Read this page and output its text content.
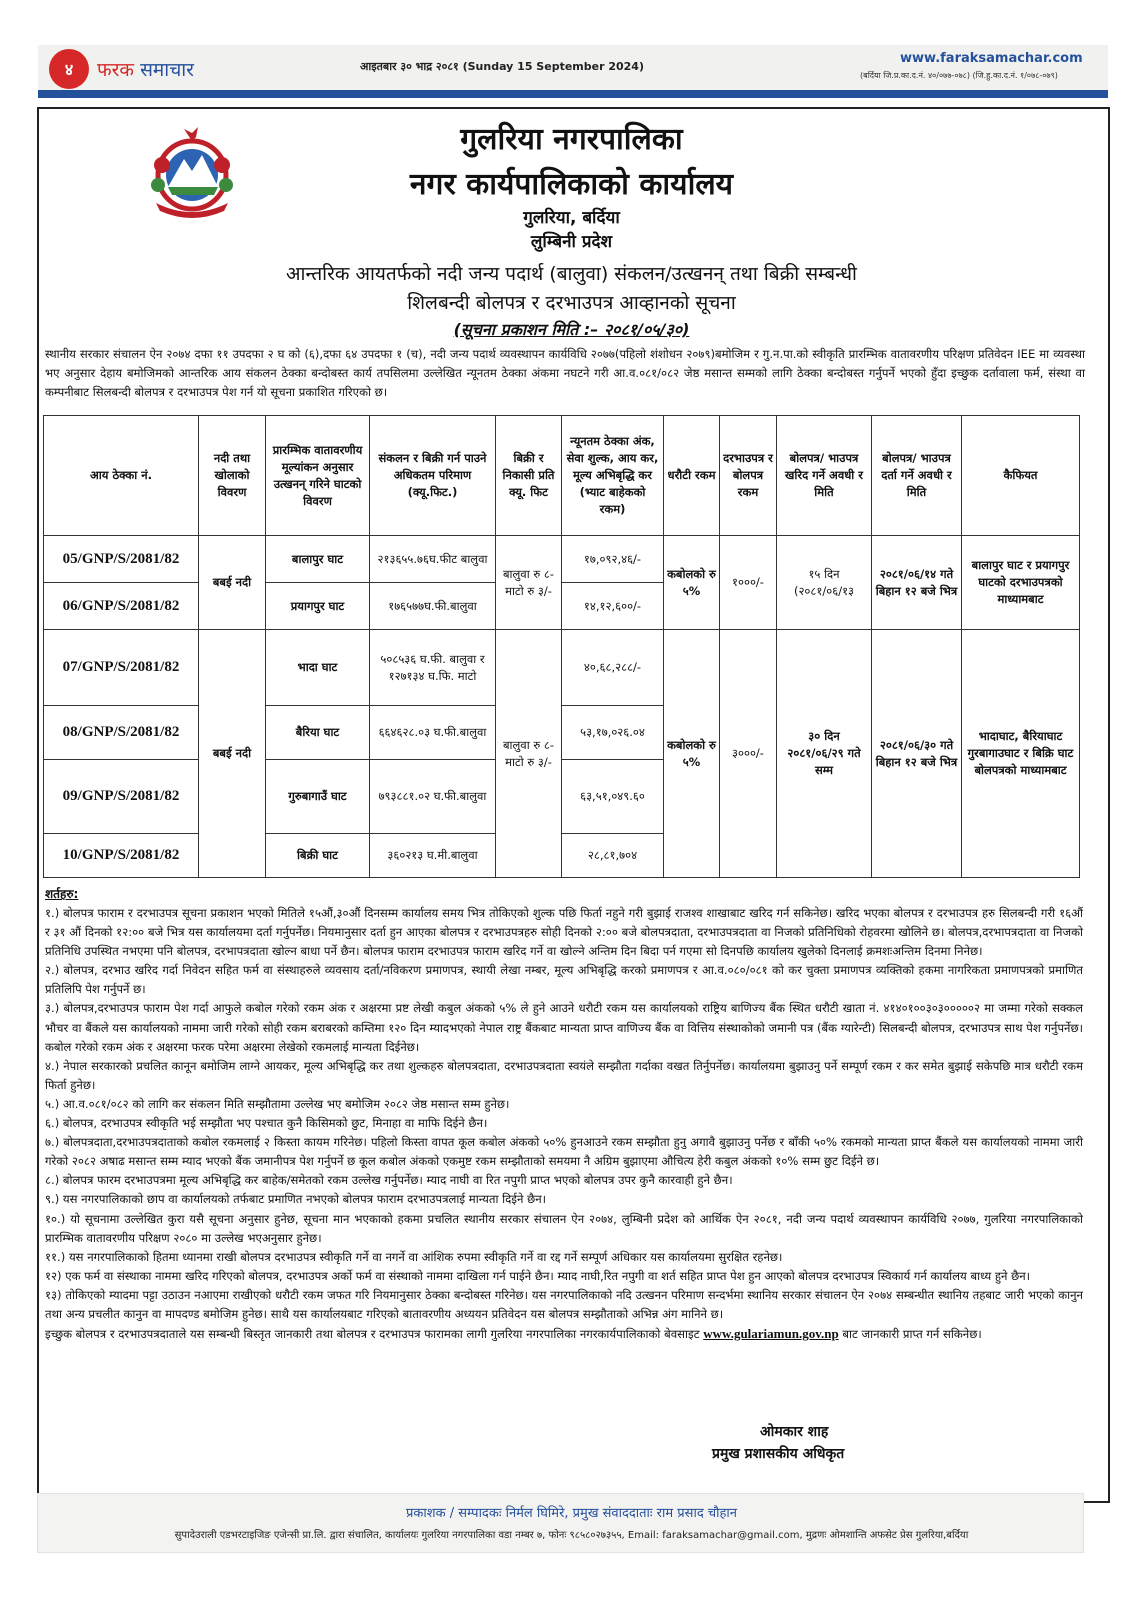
४	फरक समाचार	आइतबार ३० भाद्र २०८१ (Sunday 15 September 2024)
www.faraksamachar.com
(बर्दिया जि.प्र.का.द.नं. ४०/०७७-०७८) (जि.हु.का.द.नं. १/०७८-०७९)
गुलरिया नगरपालिका
नगर कार्यपालिकाको कार्यालय
गुलरिया, बर्दिया
लुम्बिनी प्रदेश
आन्तरिक आयतर्फको नदी जन्य पदार्थ (बालुवा) संकलन/उत्खनन् तथा बिक्री सम्बन्धी
शिलबन्दी बोलपत्र र दरभाउपत्र आव्हानको सूचना
(सूचना प्रकाशन मिति :– २०८१/०५/३०)
स्थानीय सरकार संचालन ऐन २०७४ दफा ११ उपदफा २ घ को (६),दफा ६४ उपदफा १ (च), नदी जन्य पदार्थ व्यवस्थापन कार्यविधि २०७७(पहिलो शंशोधन २०७९)बमोजिम र गु.न.पा.को स्वीकृति प्रारम्भिक वातावरणीय परिक्षण प्रतिवेदन IEE मा व्यवस्था भए अनुसार देहाय बमोजिमको आन्तरिक आय संकलन ठेक्का बन्दोबस्त कार्य तपसिलमा उल्लेखित न्यूनतम ठेक्का अंकमा नघटने गरी आ.व.०८१/०८२ जेष्ठ मसान्त सम्मको लागि ठेक्का बन्दोबस्त गर्नुपर्ने भएकोे हुँदा इच्छुक दर्तावाला फर्म, संस्था वा कम्पनीबाट सिलबन्दी बोलपत्र र दरभाउपत्र पेश गर्न यो सूचना प्रकाशित गरिएको छ।
आय ठेक्का नं.	नदी तथा खोलाको विवरण	प्रारम्भिक वातावरणीय मूल्यांकन अनुसार उत्खनन् गरिने घाटको विवरण	संकलन र बिक्री गर्न पाउने अधिकतम परिमाण (क्यू.फिट.)	बिक्री र निकासी प्रति क्यू. फिट	न्यूनतम ठेक्का अंक, सेवा शुल्क, आय कर, मूल्य अभिबृद्धि कर (भ्याट बाहेकको रकम)	धरौटी रकम	दरभाउपत्र र बोलपत्र रकम	बोलपत्र/ भाउपत्र खरिद गर्ने अवधी र मिति	बोलपत्र/ भाउपत्र दर्ता गर्ने अवधी र मिति	कैफियत
05/GNP/S/2081/82	बबई नदी	बालापुर घाट	२१३६५५.७६घ.फीट बालुवा	बालुवा रु ८- माटो रु ३/-	१७,०९२,४६/-	कबोलको रु ५%	१०००/-	१५ दिन (२०८१/०६/१३	२०८१/०६/१४ गते बिहान १२ बजे भित्र	बालापुर घाट र प्रयागपुर घाटको दरभाउपत्रको माध्यामबाट
06/GNP/S/2081/82		प्रयागपुर घाट	१७६५७७घ.फी.बालुवा		१४,१२,६००/-					
07/GNP/S/2081/82	बबई नदी	भादा घाट	५०८५३६ घ.फी. बालुवा र १२७१३४ घ.फि. माटो	बालुवा रु ८- माटो रु ३/-	४०,६८,२८८/-	कबोलको रु ५%	३०००/-	३० दिन २०८१/०६/२९ गते सम्म	२०८१/०६/३० गते बिहान १२ बजे भित्र	भादाघाट, बैरियाघाट गुरबागाउघाट र बिक्रि घाट बोलपत्रको माध्यामबाट
08/GNP/S/2081/82		बैरिया घाट	६६४६२८.०३ घ.फी.बालुवा		५३,१७,०२६.०४					
09/GNP/S/2081/82		गुरुबागाउँ घाट	७९३८८१.०२ घ.फी.बालुवा		६३,५१,०४९.६०					
10/GNP/S/2081/82		बिक्री घाट	३६०२१३ घ.मी.बालुवा		२८,८१,७०४					
शर्तहरु:

१.) बोलपत्र फाराम र दरभाउपत्र सूचना प्रकाशन भएको मितिले १५औं,३०औं दिनसम्म कार्यालय समय भित्र तोकिएको शुल्क पछि फिर्ता नहुने गरी बुझाई राजश्व शाखाबाट खरिद गर्न सकिनेछ। खरिद भएका बोलपत्र र दरभाउपत्र हरु सिलबन्दी गरी १६औं र ३१ औं दिनको १२:०० बजे भित्र यस कार्यालयमा दर्ता गर्नुपर्नेछ। नियमानुसार दर्ता हुन आएका बोलपत्र र दरभाउपत्रहरु सोही दिनको २:०० बजे बोलपत्रदाता, दरभाउपत्रदाता वा निजको प्रतिनिधिको रोहवरमा खोलिने छ। बोलपत्र,दरभापत्रदाता वा निजको प्रतिनिधि उपस्थित नभएमा पनि बोलपत्र, दरभापत्रदाता खोल्न बाधा पर्ने छैन। बोलपत्र फाराम दरभाउपत्र फाराम खरिद गर्ने वा खोल्ने अन्तिम दिन बिदा पर्न गएमा सो दिनपछि कार्यालय खुलेको दिनलाई क्रमशःअन्तिम दिनमा निनेछ।

२.) बोलपत्र, दरभाउ खरिद गर्दा निवेदन सहित फर्म वा संस्थाहरुले व्यवसाय दर्ता/नविकरण प्रमाणपत्र, स्थायी लेखा नम्बर, मूल्य अभिबृद्धि करको प्रमाणपत्र र आ.व.०८०/०८१ को कर चुक्ता प्रमाणपत्र व्यक्तिको हकमा नागरिकता प्रमाणपत्रको प्रमाणित प्रतिलिपि पेश गर्नुपर्ने छ।

३.) बोलपत्र,दरभाउपत्र फाराम पेश गर्दा आफुले कबोल गरेको रकम अंक र अक्षरमा प्रष्ट लेखी कबुल अंकको ५% ले हुने आउने धरौटी रकम यस कार्यालयको राष्ट्रिय बाणिज्य बैंक स्थित धरौटी खाता नं. ४१४०१००३०३०००००२ मा जम्मा गरेको सक्कल भौचर वा बैंकले यस कार्यालयको नाममा जारी गरेको सोही रकम बराबरको कम्तिमा १२० दिन म्यादभएको नेपाल राष्ट्र बैंकबाट मान्यता प्राप्त वाणिज्य बैंक वा वित्तिय संस्थाकोको जमानी पत्र (बैंक ग्यारेन्टी) सिलबन्दी बोलपत्र, दरभाउपत्र साथ पेश गर्नुपर्नेछ। कबोल गरेको रकम अंक र अक्षरमा फरक परेमा अक्षरमा लेखेको रकमलाई मान्यता दिईनेछ।

४.) नेपाल सरकारको प्रचलित कानून बमोजिम लाग्ने आयकर, मूल्य अभिबृद्धि कर तथा शुल्कहरु बोलपत्रदाता, दरभाउपत्रदाता स्वयंले सम्झौता गर्दाका वखत तिर्नुपर्नेछ। कार्यालयमा बुझाउनु पर्ने सम्पूर्ण रकम र कर समेत बुझाई सकेपछि मात्र धरौटी रकम फिर्ता हुनेछ।

५.) आ.व.०८१/०८२ को लागि कर संकलन मिति सम्झौतामा उल्लेख भए बमोजिम २०८२ जेष्ठ मसान्त सम्म हुनेछ।

६.) बोलपत्र, दरभाउपत्र स्वीकृति भई सम्झौता भए पश्चात कुनै किसिमको छुट, मिनाहा वा माफि दिईने छैन।

७.) बोलपत्रदाता,दरभाउपत्रदाताको कबोल रकमलाई २ किस्ता कायम गरिनेछ। पहिलो किस्ता वापत कूल कबोल अंकको ५०% हुनआउने रकम सम्झौता हुनु अगावै बुझाउनु पर्नेछ र बाँकी ५०% रकमको मान्यता प्राप्त बैंकले यस कार्यालयको नाममा जारी गरेको २०८२ अषाढ मसान्त सम्म म्याद भएको बैंक जमानीपत्र पेश गर्नुपर्ने छ कूल कबोल अंकको एकमुष्ट रकम सम्झौताको समयमा नै अग्रिम बुझाएमा औचित्य हेरी कबुल अंकको १०% सम्म छुट दिईने छ।

८.) बोलपत्र फारम दरभाउपत्रमा मूल्य अभिबृद्धि कर बाहेक/समेतको रकम उल्लेख गर्नुपर्नेछ। म्याद नाघी वा रित नपुगी प्राप्त भएको बोलपत्र उपर कुनै कारवाही हुने छैन।

९.) यस नगरपालिकाको छाप वा कार्यालयको तर्फबाट प्रमाणित नभएको बोलपत्र फाराम दरभाउपत्रलाई मान्यता दिईने छैन।

१०.) यो सूचनामा उल्लेखित कुरा यसै सूचना अनुसार हुनेछ, सूचना मान भएकाको हकमा प्रचलित स्थानीय सरकार संचालन ऐन २०७४, लुम्बिनी प्रदेश को आर्थिक ऐन २०८१, नदी जन्य पदार्थ व्यवस्थापन कार्यविधि २०७७, गुलरिया नगरपालिकाको प्रारम्भिक वातावरणीय परिक्षण २०८० मा उल्लेख भएअनुसार हुनेछ।

११.) यस नगरपालिकाको हितमा ध्यानमा राखी बोलपत्र दरभाउपत्र स्वीकृति गर्ने वा नगर्ने वा आंशिक रुपमा स्वीकृति गर्ने वा रद्द गर्ने सम्पूर्ण अधिकार यस कार्यालयमा सुरक्षित रहनेछ।

१२) एक फर्म वा संस्थाका नाममा खरिद गरिएको बोलपत्र, दरभाउपत्र अर्को फर्म वा संस्थाको नाममा दाखिला गर्न पाईने छैन। म्याद नाघी,रित नपुगी वा शर्त सहित प्राप्त पेश हुन आएको बोलपत्र दरभाउपत्र स्विकार्य गर्न कार्यालय बाध्य हुने छैन।

१३) तोकिएको म्यादमा पट्टा उठाउन नआएमा राखीएको धरौटी रकम जफत गरि नियमानुसार ठेक्का बन्दोबस्त गरिनेछ। यस नगरपालिकाको नदि उत्खनन परिमाण सन्दर्भमा स्थानिय सरकार संचालन ऐन २०७४ सम्बन्धीत स्थानिय तहबाट जारी भएको कानुन तथा अन्य प्रचलीत कानुन वा मापदण्ड बमोजिम हुनेछ। साथै यस कार्यालयबाट गरिएको बातावरणीय अध्ययन प्रतिवेदन यस बोलपत्र सम्झौताको अभिन्न अंग मानिने छ।

इच्छुक बोलपत्र र दरभाउपत्रदाताले यस सम्बन्धी बिस्तृत जानकारी तथा बोलपत्र र दरभाउपत्र फारामका लागी गुलरिया नगरपालिका नगरकार्यपालिकाको बेवसाइट www.gulariamun.gov.np बाट जानकारी प्राप्त गर्न सकिनेछ।

ओमकार शाह
प्रमुख प्रशासकीय अधिकृत
प्रकाशक / सम्पादकः निर्मल घिमिरे, प्रमुख संवाददाताः राम प्रसाद चौहान
सुपादेउराली एडभरटाइजिङ एजेन्सी प्रा.लि. द्वारा संचालित, कार्यालयः गुलरिया नगरपालिका वडा नम्बर ७, फोनः ९८५८०२७३५५, Email: faraksamachar@gmail.com, मुद्रणः ओमशान्ति अफसेट प्रेस गुलरिया,बर्दिया
